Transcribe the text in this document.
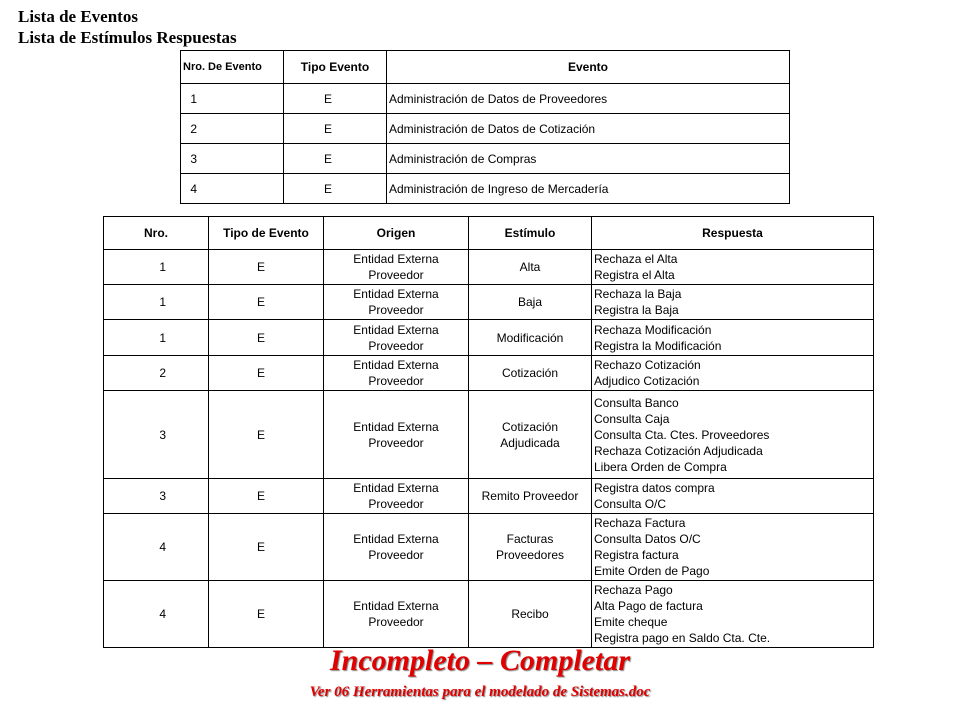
Lista de Eventos
Lista de Estímulos Respuestas
Nro. De Evento	Tipo Evento	Evento
1	E	Administración de Datos de Proveedores
2	E	Administración de Datos de Cotización
3	E	Administración de Compras
4	E	Administración de Ingreso de Mercadería
Nro.	Tipo de Evento	Origen	Estímulo	Respuesta
1	E	Entidad Externa Proveedor	Alta	Rechaza el Alta
Registra el Alta

1	E	Entidad Externa Proveedor	Baja	Rechaza la Baja
Registra la Baja

1	E	Entidad Externa Proveedor	Modificación	Rechaza Modificación
Registra la Modificación

2	E	Entidad Externa Proveedor	Cotización	Rechazo Cotización
Adjudico Cotización

3	E	Entidad Externa Proveedor	Cotización Adjudicada	Consulta Banco
Consulta Caja
Consulta Cta. Ctes. Proveedores
Rechaza Cotización Adjudicada
Libera Orden de Compra

3	E	Entidad Externa Proveedor	Remito Proveedor	Registra datos compra
Consulta O/C

4	E	Entidad Externa Proveedor	Facturas Proveedores	Rechaza Factura
Consulta Datos O/C
Registra factura
Emite Orden de Pago

4	E	Entidad Externa Proveedor	Recibo	Rechaza Pago
Alta Pago de factura
Emite cheque
Registra pago en Saldo Cta. Cte.
Incompleto – Completar
Ver 06 Herramientas para el modelado de Sistemas.doc
